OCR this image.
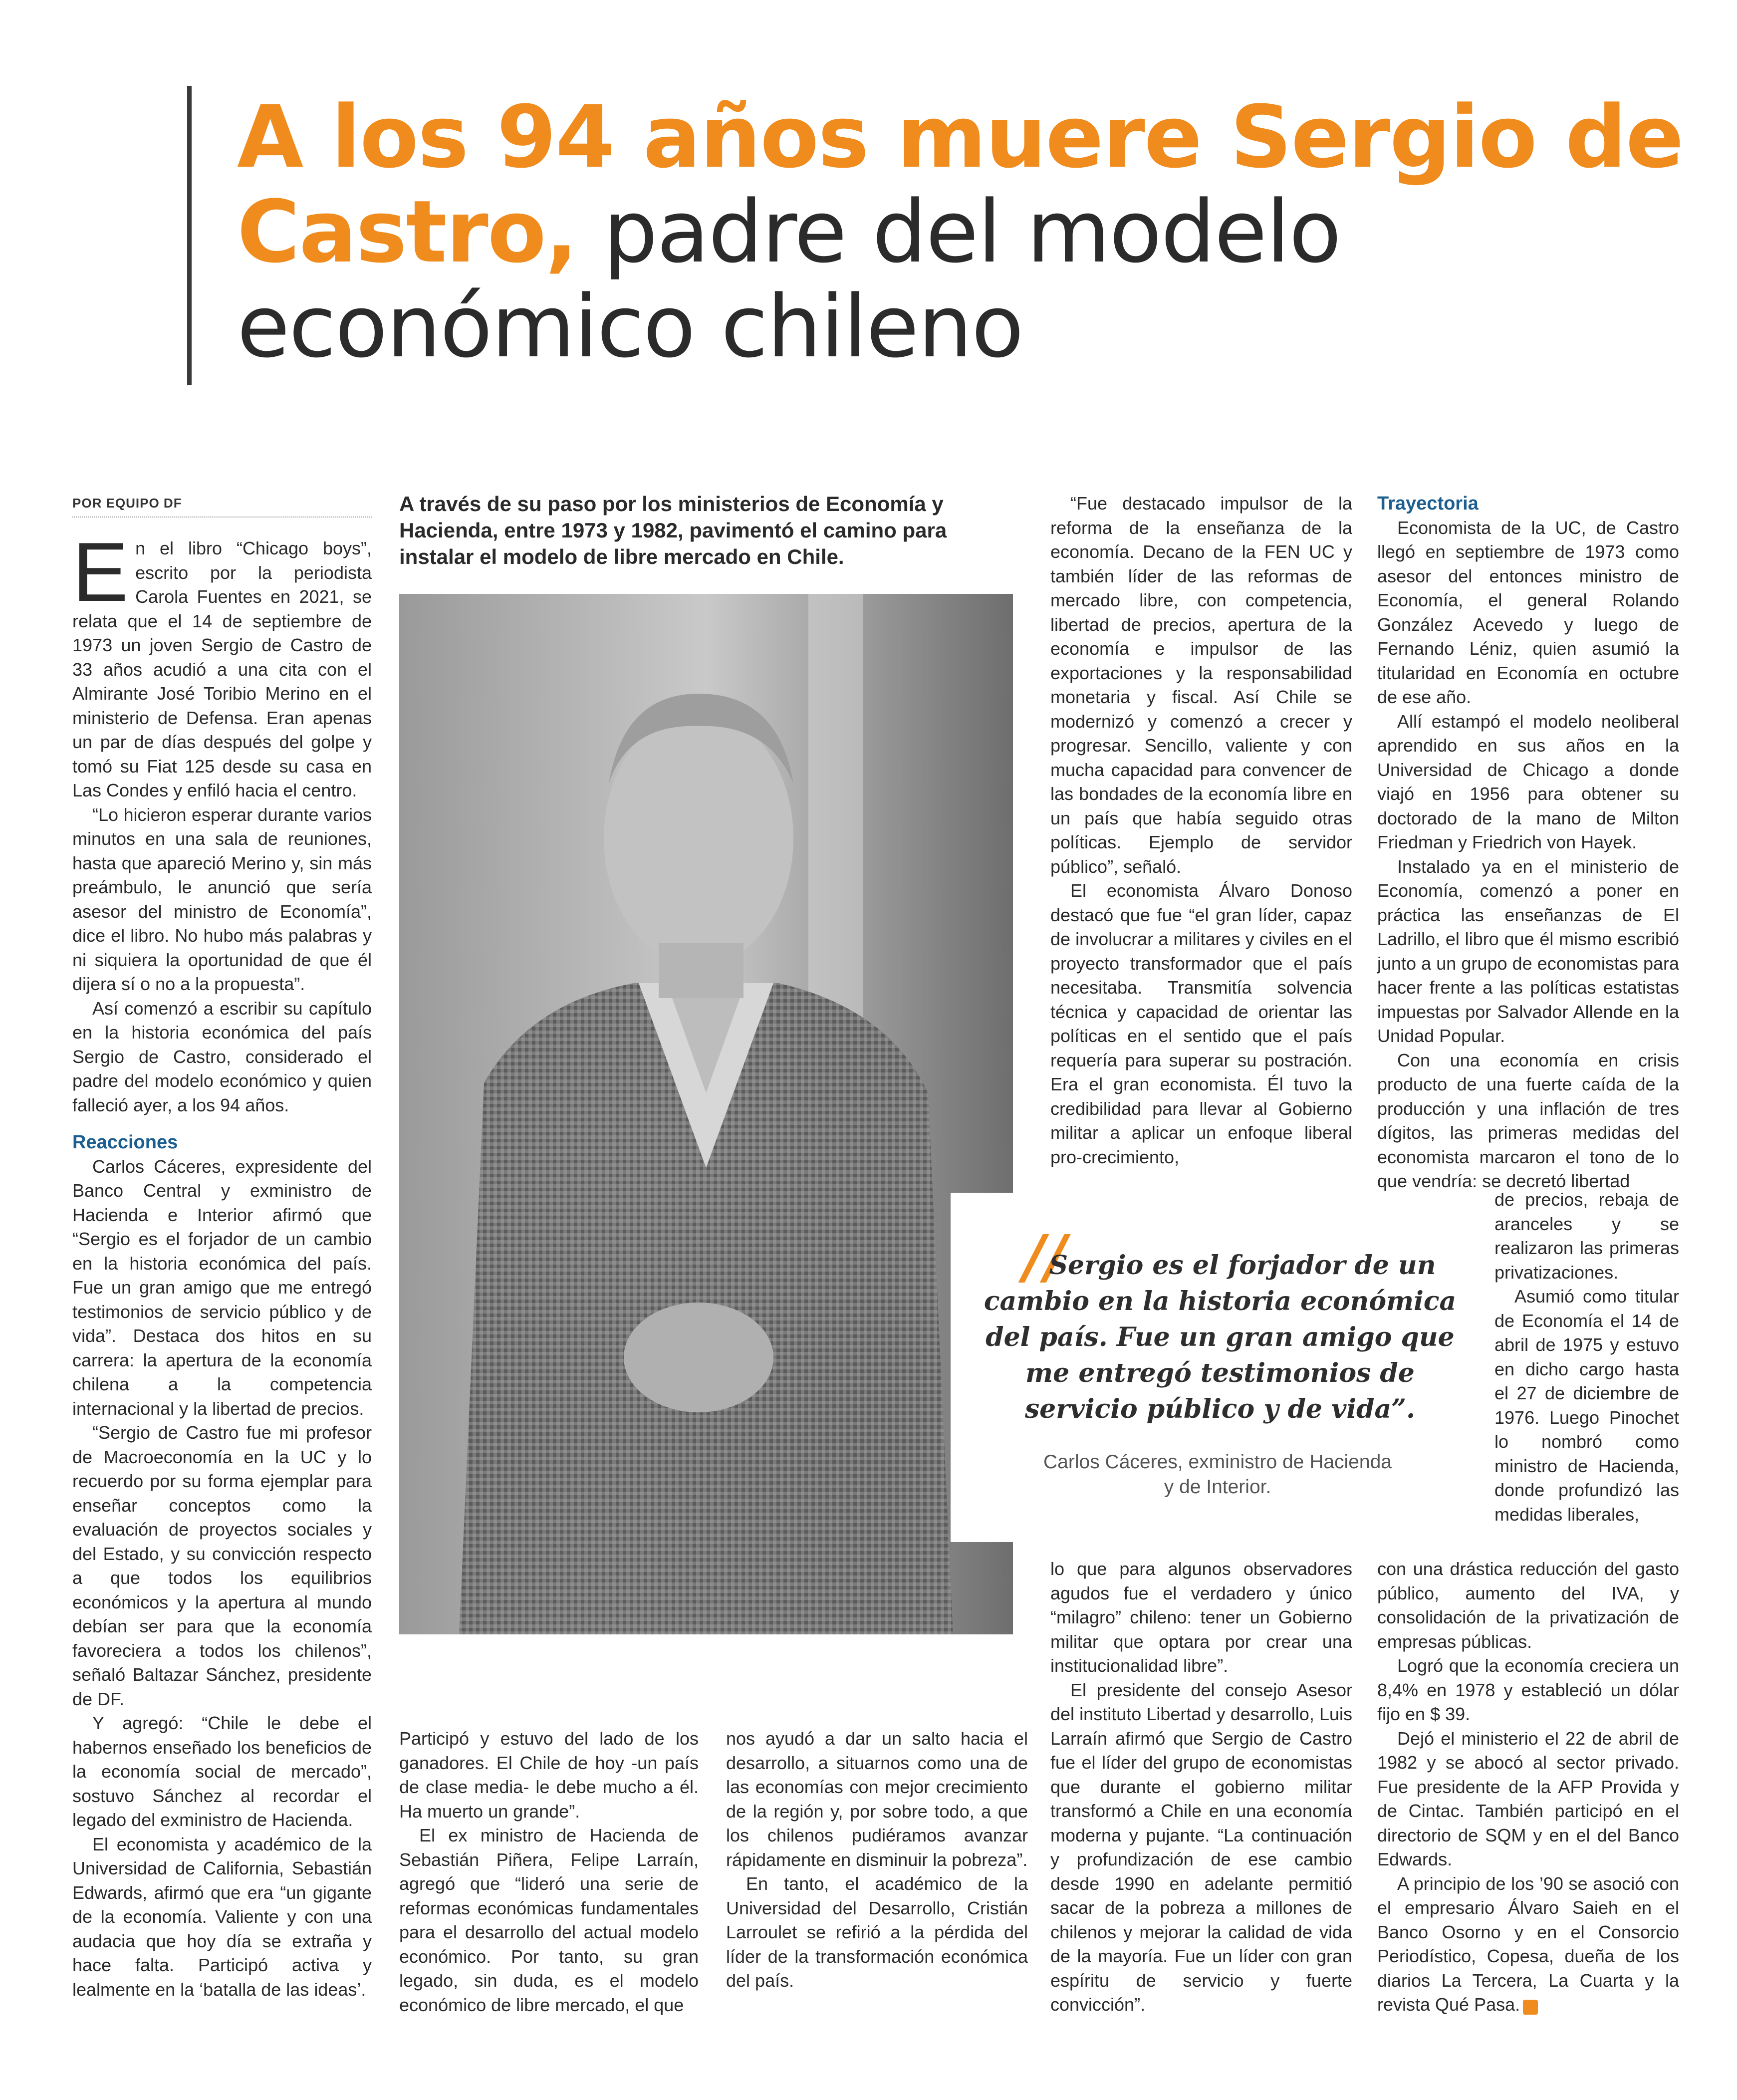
A los 94 años muere Sergio de Castro, padre del modelo económico chileno
POR EQUIPO DF	A través de su paso por los ministerios de Economía y Hacienda, entre 1973 y 1982, pavimentó el camino para instalar el modelo de libre mercado en Chile.

En el libro “Chicago boys”, escrito por la periodista Carola Fuentes en 2021, se relata que el 14 de septiembre de 1973 un joven Sergio de Castro de 33 años acudió a una cita con el Almirante José Toribio Merino en el ministerio de Defensa. Eran apenas un par de días después del golpe y tomó su Fiat 125 desde su casa en Las Condes y enfiló hacia el centro.

“Lo hicieron esperar durante varios minutos en una sala de reuniones, hasta que apareció Merino y, sin más preámbulo, le anunció que sería asesor del ministro de Economía”, dice el libro. No hubo más palabras y ni siquiera la oportunidad de que él dijera sí o no a la propuesta”.

Así comenzó a escribir su capítulo en la historia económica del país Sergio de Castro, considerado el padre del modelo económico y quien falleció ayer, a los 94 años.

Reacciones

Carlos Cáceres, expresidente del Banco Central y exministro de Hacienda e Interior afirmó que “Sergio es el forjador de un cambio en la historia económica del país. Fue un gran amigo que me entregó testimonios de servicio público y de vida”. Destaca dos hitos en su carrera: la apertura de la economía chilena a la competencia internacional y la libertad de precios.

“Sergio de Castro fue mi profesor de Macroeconomía en la UC y lo recuerdo por su forma ejemplar para enseñar conceptos como la evaluación de proyectos sociales y del Estado, y su convicción respecto a que todos los equilibrios económicos y la apertura al mundo debían ser para que la economía favoreciera a todos los chilenos”, señaló Baltazar Sánchez, presidente de DF.

Y agregó: “Chile le debe el habernos enseñado los beneficios de la economía social de mercado”, sostuvo Sánchez al recordar el legado del exministro de Hacienda.

El economista y académico de la Universidad de California, Sebastián Edwards, afirmó que era “un gigante de la economía. Valiente y con una audacia que hoy día se extraña y hace falta. Participó activa y lealmente en la ‘batalla de las ideas’.

Participó y estuvo del lado de los ganadores. El Chile de hoy -un país de clase media- le debe mucho a él. Ha muerto un grande”.

El ex ministro de Hacienda de Sebastián Piñera, Felipe Larraín, agregó que “lideró una serie de reformas económicas fundamentales para el desarrollo del actual modelo económico. Por tanto, su gran legado, sin duda, es el modelo económico de libre mercado, el que

nos ayudó a dar un salto hacia el desarrollo, a situarnos como una de las economías con mejor crecimiento de la región y, por sobre todo, a que los chilenos pudiéramos avanzar rápidamente en disminuir la pobreza”.

En tanto, el académico de la Universidad del Desarrollo, Cristián Larroulet se refirió a la pérdida del líder de la transformación económica del país.

“Fue destacado impulsor de la reforma de la enseñanza de la economía. Decano de la FEN UC y también líder de las reformas de mercado libre, con competencia, libertad de precios, apertura de la economía e impulsor de las exportaciones y la responsabilidad monetaria y fiscal. Así Chile se modernizó y comenzó a crecer y progresar. Sencillo, valiente y con mucha capacidad para convencer de las bondades de la economía libre en un país que había seguido otras políticas. Ejemplo de servidor público”, señaló.

El economista Álvaro Donoso destacó que fue “el gran líder, capaz de involucrar a militares y civiles en el proyecto transformador que el país necesitaba. Transmitía solvencia técnica y capacidad de orientar las políticas en el sentido que el país requería para superar su postración. Era el gran economista. Él tuvo la credibilidad para llevar al Gobierno militar a aplicar un enfoque liberal pro-crecimiento,

//

Sergio es el forjador de un cambio en la historia económica del país. Fue un gran amigo que me entregó testimonios de servicio público y de vida”.

Carlos Cáceres, exministro de Hacienda y de Interior.

lo que para algunos observadores agudos fue el verdadero y único “milagro” chileno: tener un Gobierno militar que optara por crear una institucionalidad libre”.

El presidente del consejo Asesor del instituto Libertad y desarrollo, Luis Larraín afirmó que Sergio de Castro fue el líder del grupo de economistas que durante el gobierno militar transformó a Chile en una economía moderna y pujante. “La continuación y profundización de ese cambio desde 1990 en adelante permitió sacar de la pobreza a millones de chilenos y mejorar la calidad de vida de la mayoría. Fue un líder con gran espíritu de servicio y fuerte convicción”.

Trayectoria

Economista de la UC, de Castro llegó en septiembre de 1973 como asesor del entonces ministro de Economía, el general Rolando González Acevedo y luego de Fernando Léniz, quien asumió la titularidad en Economía en octubre de ese año.

Allí estampó el modelo neoliberal aprendido en sus años en la Universidad de Chicago a donde viajó en 1956 para obtener su doctorado de la mano de Milton Friedman y Friedrich von Hayek.

Instalado ya en el ministerio de Economía, comenzó a poner en práctica las enseñanzas de El Ladrillo, el libro que él mismo escribió junto a un grupo de economistas para hacer frente a las políticas estatistas impuestas por Salvador Allende en la Unidad Popular.

Con una economía en crisis producto de una fuerte caída de la producción y una inflación de tres dígitos, las primeras medidas del economista marcaron el tono de lo que vendría: se decretó libertad

de precios, rebaja de aranceles y se realizaron las primeras privatizaciones.

Asumió como titular de Economía el 14 de abril de 1975 y estuvo en dicho cargo hasta el 27 de diciembre de 1976. Luego Pinochet lo nombró como ministro de Hacienda, donde profundizó las medidas liberales,

con una drástica reducción del gasto público, aumento del IVA, y consolidación de la privatización de empresas públicas.

Logró que la economía creciera un 8,4% en 1978 y estableció un dólar fijo en $ 39.

Dejó el ministerio el 22 de abril de 1982 y se abocó al sector privado. Fue presidente de la AFP Provida y de Cintac. También participó en el directorio de SQM y en el del Banco Edwards.

A principio de los ’90 se asoció con el empresario Álvaro Saieh en el Banco Osorno y en el Consorcio Periodístico, Copesa, dueña de los diarios La Tercera, La Cuarta y la revista Qué Pasa. S
